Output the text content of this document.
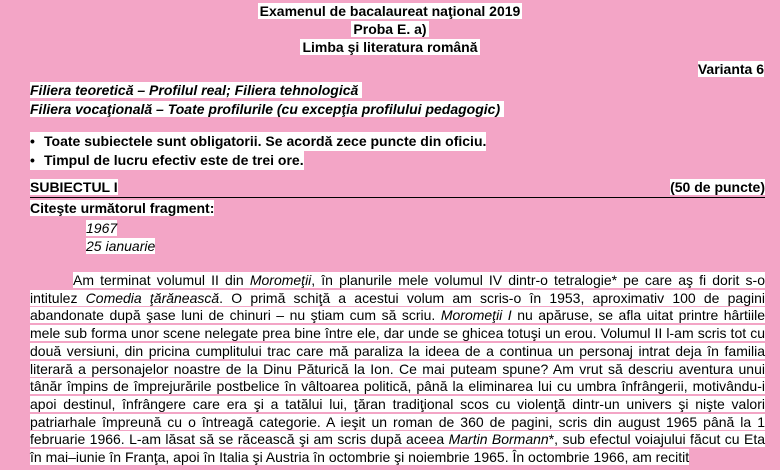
Examenul de bacalaureat naţional 2019
Proba E. a)
Limba şi literatura română
Varianta 6
Filiera teoretică – Profilul real; Filiera tehnologică
Filiera vocaţională – Toate profilurile (cu excepţia profilului pedagogic)
• Toate subiectele sunt obligatorii. Se acordă zece puncte din oficiu.
• Timpul de lucru efectiv este de trei ore.
SUBIECTUL I	(50 de puncte)
Citeşte următorul fragment:
1967
25 ianuarie

Am terminat volumul II din Moromeţii, în planurile mele volumul IV dintr-o tetralogie* pe care aş fi dorit s-o intitulez Comedia ţărănească. O primă schiţă a acestui volum am scris-o în 1953, aproximativ 100 de pagini abandonate după şase luni de chinuri – nu ştiam cum să scriu. Moromeţii I nu apăruse, se afla uitat printre hârtiile mele sub forma unor scene nelegate prea bine între ele, dar unde se ghicea totuşi un erou. Volumul II l-am scris tot cu două versiuni, din pricina cumplitului trac care mă paraliza la ideea de a continua un personaj intrat deja în familia literară a personajelor noastre de la Dinu Păturică la Ion. Ce mai puteam spune? Am vrut să descriu aventura unui tânăr împins de împrejurările postbelice în vâltoarea politică, până la eliminarea lui cu umbra înfrângerii, motivându-i apoi destinul, înfrângere care era şi a tatălui lui, ţăran tradiţional scos cu violenţă dintr-un univers şi nişte valori patriarhale împreună cu o întreagă categorie. A ieşit un roman de 360 de pagini, scris din august 1965 până la 1 februarie 1966. L-am lăsat să se răcească şi am scris după aceea Martin Bormann*, sub efectul voiajului făcut cu Eta în mai–iunie în Franţa, apoi în Italia şi Austria în octombrie şi noiembrie 1965. În octombrie 1966, am recitit
